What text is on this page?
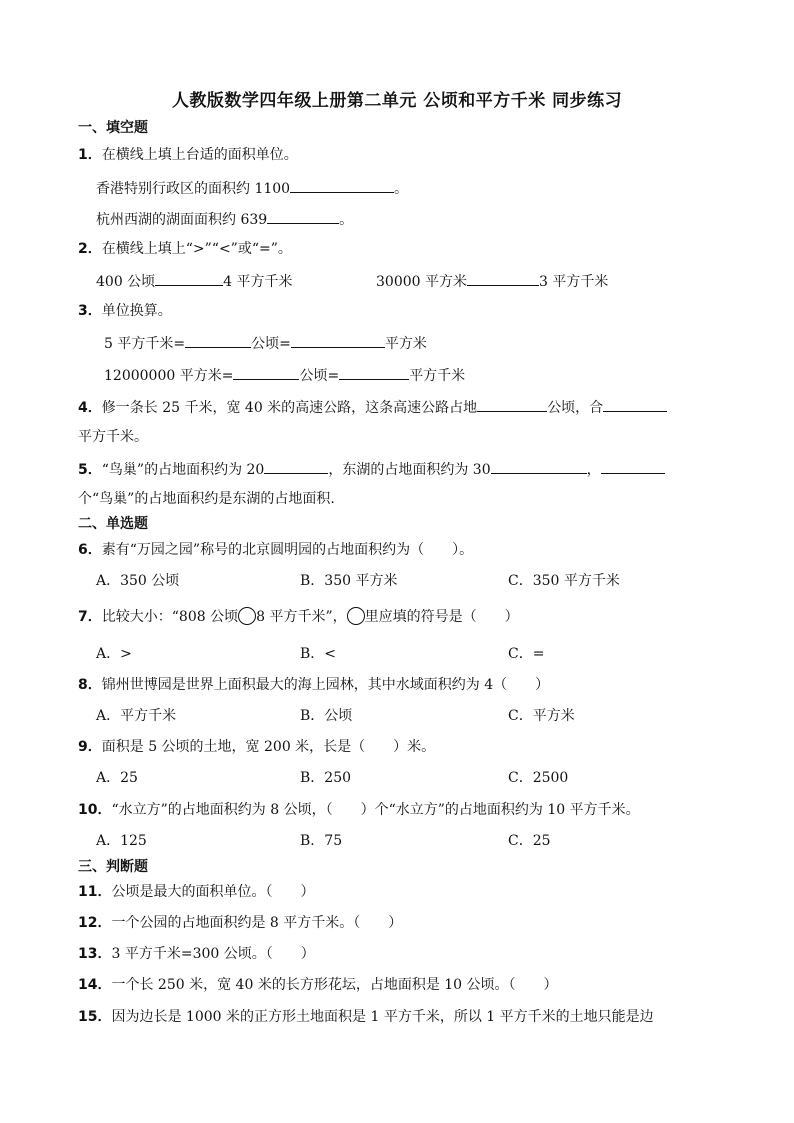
人教版数学四年级上册第二单元 公顷和平方千米 同步练习
一、填空题
1．在横线上填上台适的面积单位。
香港特别行政区的面积约 1100	。
杭州西湖的湖面面积约 639	。
2．在横线上填上“>”“<”或“=”。
400 公顷	4 平方千米	30000 平方米	3 平方千米
3．单位换算。
5 平方千米=	公顷=	平方米
12000000 平方米=	公顷=	平方千米
4．修一条长 25 千米，宽 40 米的高速公路，这条高速公路占地	公顷，合
平方千米。
5．“鸟巢”的占地面积约为 20	，东湖的占地面积约为 30	，
个“鸟巢”的占地面积约是东湖的占地面积.
二、单选题
6．素有“万园之园”称号的北京圆明园的占地面积约为（　　）。
A．350 公顷	B．350 平方米	C．350 平方千米
7．比较大小：“808 公顷 8 平方千米”， 里应填的符号是（　　）
A．>	B．<	C．=
8．锦州世博园是世界上面积最大的海上园林，其中水域面积约为 4（　　）
A．平方千米	B．公顷	C．平方米
9．面积是 5 公顷的土地，宽 200 米，长是（　　）米。
A．25	B．250	C．2500
10．“水立方”的占地面积约为 8 公顷，（　　）个“水立方”的占地面积约为 10 平方千米。
A．125	B．75	C．25
三、判断题
11．公顷是最大的面积单位。（　　）
12．一个公园的占地面积约是 8 平方千米。（　　）
13．3 平方千米=300 公顷。（　　）
14．一个长 250 米，宽 40 米的长方形花坛，占地面积是 10 公顷。（　　）
15．因为边长是 1000 米的正方形土地面积是 1 平方千米，所以 1 平方千米的土地只能是边
